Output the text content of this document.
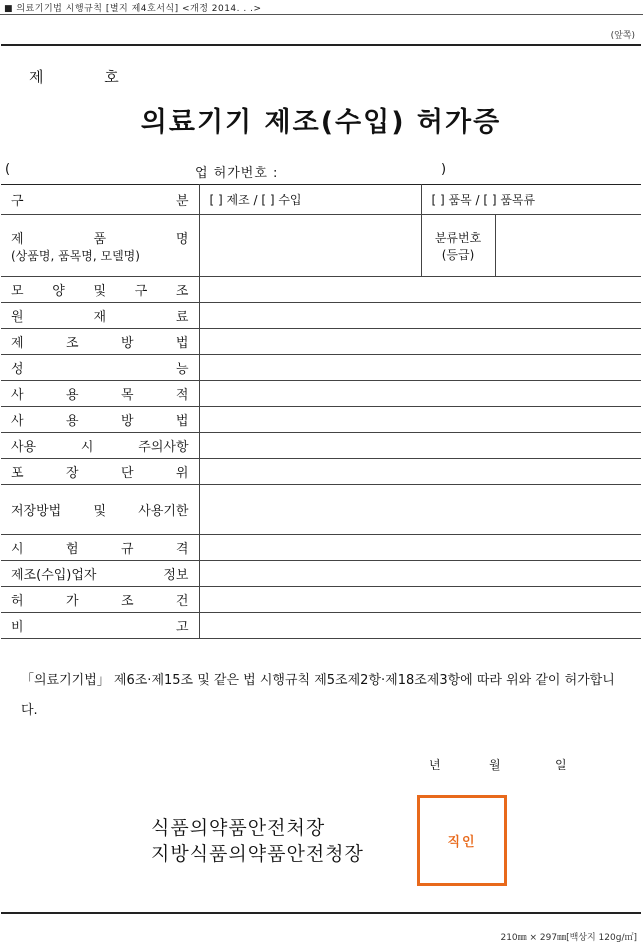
■ 의료기기법 시행규칙 [별지 제4호서식] <개정 2014. . .>
(앞쪽)
제	호
의료기기 제조(수입) 허가증
(	업 허가번호 :	)
구 분	[ ] 제조 / [ ] 수입	[ ] 품목 / [ ] 품목류	

제 품 명
(상품명, 품목명, 모델명)		분류번호(등급)	
모 양 및 구 조			
원 재 료			
제 조 방 법			
성 능			
사 용 목 적			
사 용 방 법			
사용 시 주의사항			
포 장 단 위			
저장방법 및 사용기한			
시 험 규 격			
제조(수입)업자 정보			
허 가 조 건			
비 고			
「의료기기법」 제6조·제15조 및 같은 법 시행규칙 제5조제2항·제18조제3항에 따라 위와 같이 허가합니다.
년	월	일
식품의약품안전처장
지방식품의약품안전청장
직인
210㎜ × 297㎜[백상지 120g/㎡]
